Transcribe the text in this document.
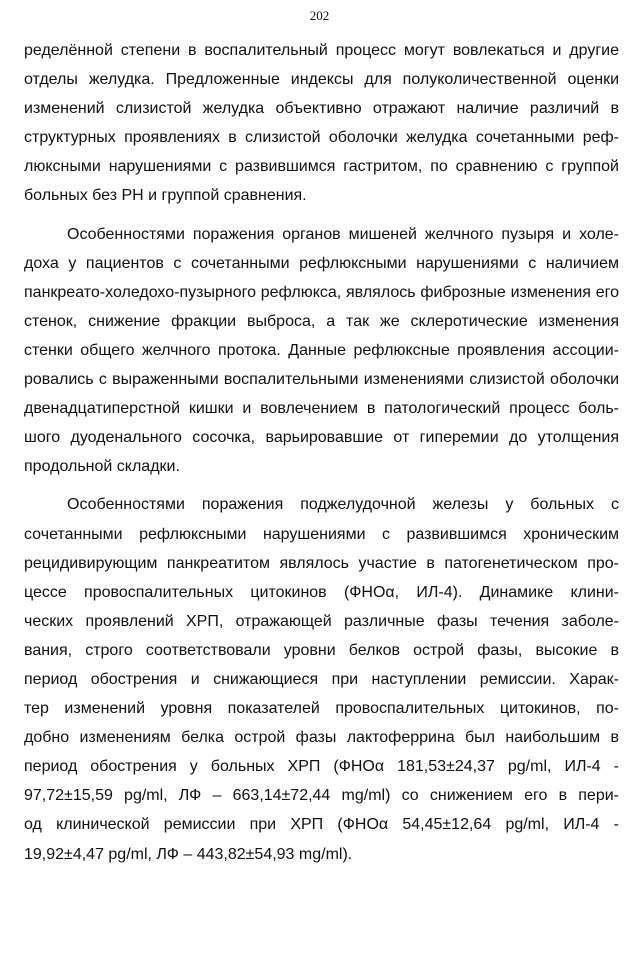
202
ределённой степени в воспалительный процесс могут вовлекаться и другие
отделы желудка. Предложенные индексы для полуколичественной оценки
изменений слизистой желудка объективно отражают наличие различий в
структурных проявлениях в слизистой оболочки желудка сочетанными реф-
люксными нарушениями с развившимся гастритом, по сравнению с группой
больных без РН и группой сравнения.
Особенностями поражения органов мишеней желчного пузыря и холе-
доха у пациентов с сочетанными рефлюксными нарушениями с наличием
панкреато-холедохо-пузырного рефлюкса, являлось фиброзные изменения его
стенок, снижение фракции выброса, а так же склеротические изменения
стенки общего желчного протока. Данные рефлюксные проявления ассоции-
ровались с выраженными воспалительными изменениями слизистой оболочки
двенадцатиперстной кишки и вовлечением в патологический процесс боль-
шого дуоденального сосочка, варьировавшие от гиперемии до утолщения
продольной складки.
Особенностями поражения поджелудочной железы у больных с
сочетанными рефлюксными нарушениями с развившимся хроническим
рецидивирующим панкреатитом являлось участие в патогенетическом про-
цессе провоспалительных цитокинов (ФНОα, ИЛ-4). Динамике клини-
ческих проявлений ХРП, отражающей различные фазы течения заболе-
вания, строго соответствовали уровни белков острой фазы, высокие в
период обострения и снижающиеся при наступлении ремиссии. Харак-
тер изменений уровня показателей провоспалительных цитокинов, по-
добно изменениям белка острой фазы лактоферрина был наибольшим в
период обострения у больных ХРП (ФНОα 181,53±24,37 pg/ml, ИЛ-4 -
97,72±15,59 pg/ml, ЛФ – 663,14±72,44 mg/ml) со снижением его в пери-
од клинической ремиссии при ХРП (ФНОα 54,45±12,64 pg/ml, ИЛ-4 -
19,92±4,47 pg/ml, ЛФ – 443,82±54,93 mg/ml).
